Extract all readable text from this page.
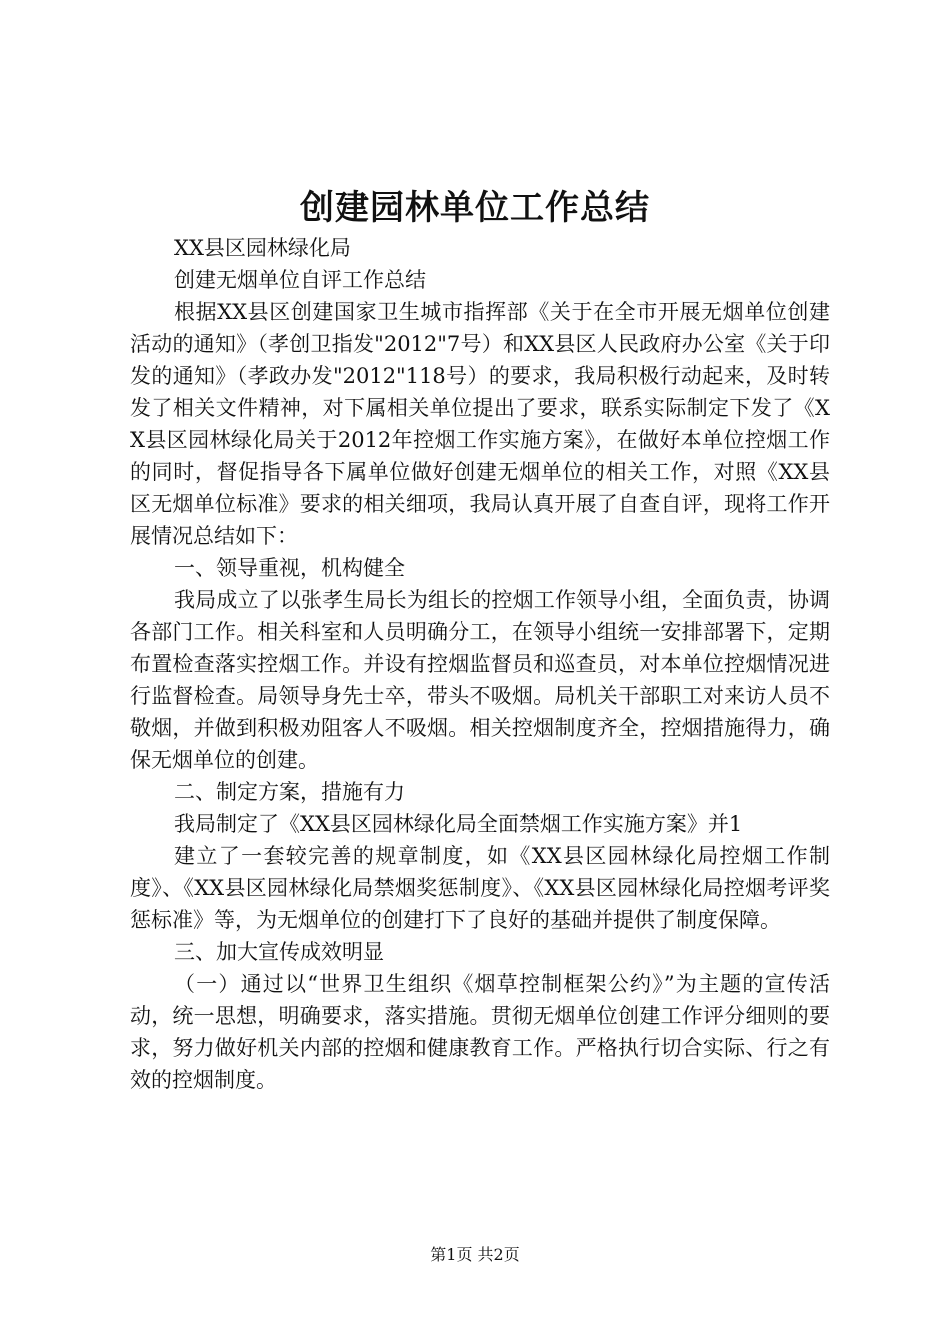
创建园林单位工作总结

XX县区园林绿化局

创建无烟单位自评工作总结

根据XX县区创建国家卫生城市指挥部《关于在全市开展无烟单位创建活动的通知》（孝创卫指发"2012"7号）和XX县区人民政府办公室《关于印发的通知》（孝政办发"2012"118号）的要求，我局积极行动起来，及时转发了相关文件精神，对下属相关单位提出了要求，联系实际制定下发了《XX县区园林绿化局关于2012年控烟工作实施方案》，在做好本单位控烟工作的同时，督促指导各下属单位做好创建无烟单位的相关工作，对照《XX县区无烟单位标准》要求的相关细项，我局认真开展了自查自评，现将工作开展情况总结如下：

一、领导重视，机构健全

我局成立了以张孝生局长为组长的控烟工作领导小组，全面负责，协调各部门工作。相关科室和人员明确分工，在领导小组统一安排部署下，定期布置检查落实控烟工作。并设有控烟监督员和巡查员，对本单位控烟情况进行监督检查。局领导身先士卒，带头不吸烟。局机关干部职工对来访人员不敬烟，并做到积极劝阻客人不吸烟。相关控烟制度齐全，控烟措施得力，确保无烟单位的创建。

二、制定方案，措施有力

我局制定了《XX县区园林绿化局全面禁烟工作实施方案》并1

建立了一套较完善的规章制度，如《XX县区园林绿化局控烟工作制度》、《XX县区园林绿化局禁烟奖惩制度》、《XX县区园林绿化局控烟考评奖惩标准》等，为无烟单位的创建打下了良好的基础并提供了制度保障。

三、加大宣传成效明显

（一）通过以“世界卫生组织《烟草控制框架公约》”为主题的宣传活动，统一思想，明确要求，落实措施。贯彻无烟单位创建工作评分细则的要求，努力做好机关内部的控烟和健康教育工作。严格执行切合实际、行之有效的控烟制度。

第1页 共2页
